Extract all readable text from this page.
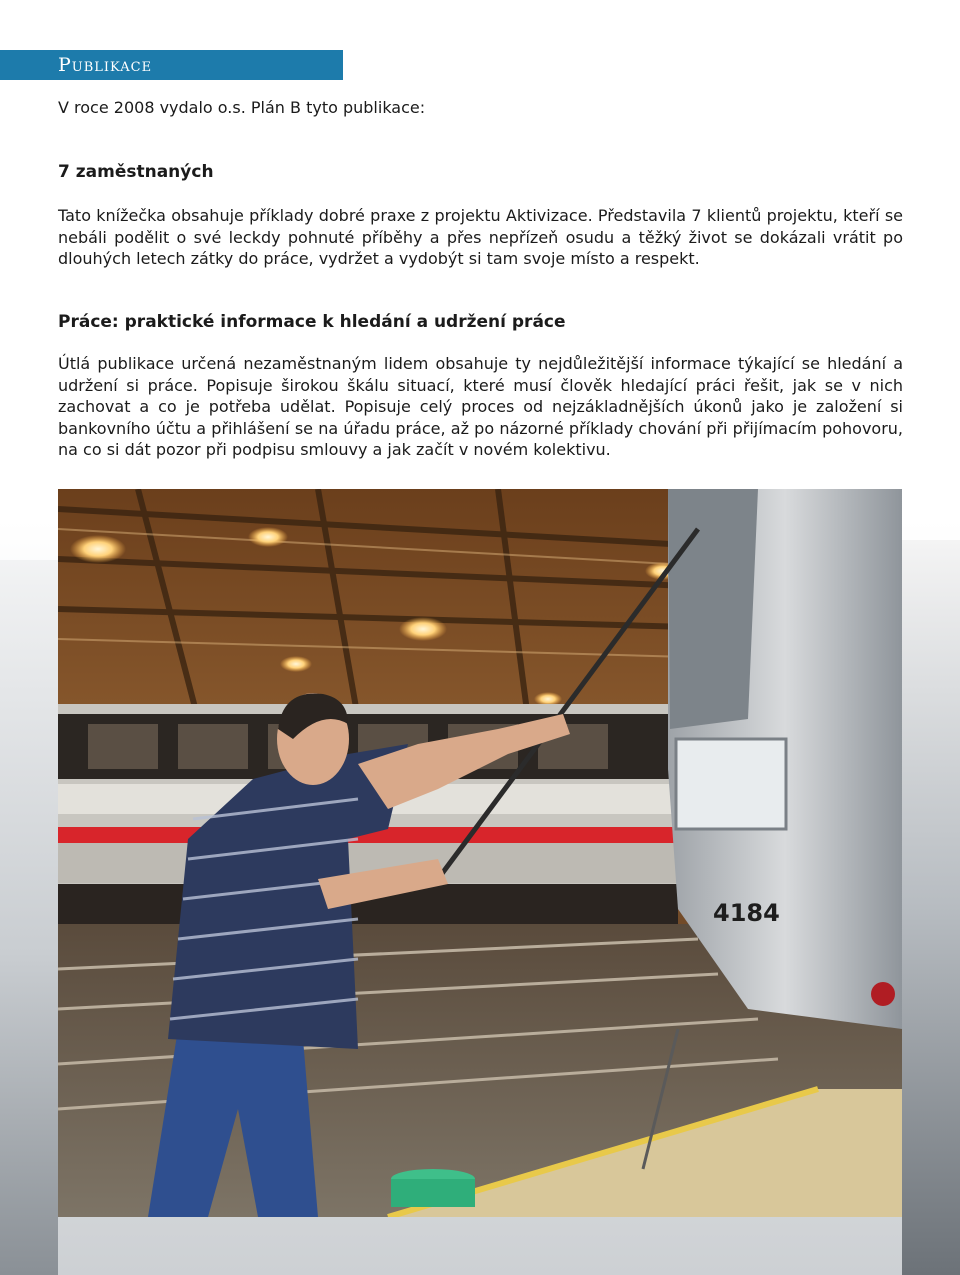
Publikace
V roce 2008 vydalo o.s. Plán B tyto publikace:
7 zaměstnaných
Tato knížečka obsahuje příklady dobré praxe z projektu Aktivizace. Představila 7 klientů projektu, kteří se nebáli podělit o své leckdy pohnuté příběhy a přes nepřízeň osudu a těžký život se dokázali vrátit po dlouhých letech zátky do práce, vydržet a vydobýt si tam svoje místo a respekt.
Práce: praktické informace k hledání a udržení práce
Útlá publikace určená nezaměstnaným lidem obsahuje ty nejdůležitější informace týkající se hledání a udržení si práce. Popisuje širokou škálu situací, které musí člověk hledající práci řešit, jak se v nich zachovat a co je potřeba udělat. Popisuje celý proces od nejzákladnějších úkonů jako je založení si bankovního účtu a přihlášení se na úřadu práce, až po názorné příklady chování při přijímacím pohovoru, na co si dát pozor při podpisu smlouvy a jak začít v novém kolektivu.
4184
